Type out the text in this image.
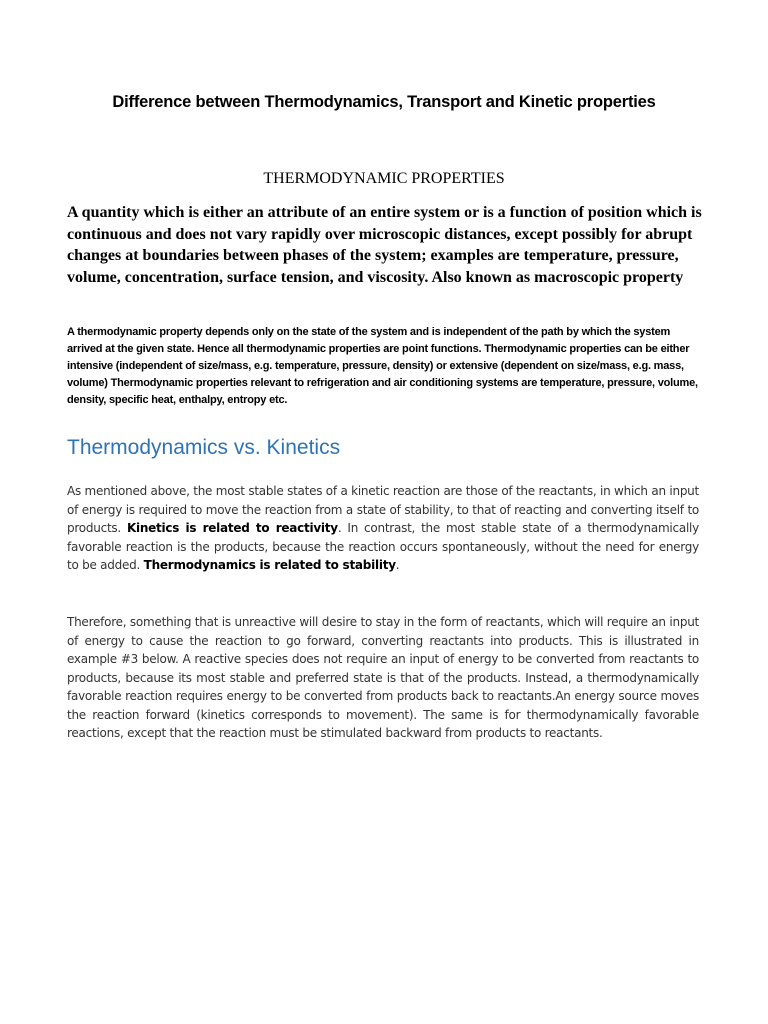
Difference between Thermodynamics, Transport and Kinetic properties
THERMODYNAMIC PROPERTIES
A quantity which is either an attribute of an entire system or is a function of position which is continuous and does not vary rapidly over microscopic distances, except possibly for abrupt changes at boundaries between phases of the system; examples are temperature, pressure, volume, concentration, surface tension, and viscosity. Also known as macroscopic property
A thermodynamic property depends only on the state of the system and is independent of the path by which the system arrived at the given state. Hence all thermodynamic properties are point functions. Thermodynamic properties can be either intensive (independent of size/mass, e.g. temperature, pressure, density) or extensive (dependent on size/mass, e.g. mass, volume) Thermodynamic properties relevant to refrigeration and air conditioning systems are temperature, pressure, volume, density, specific heat, enthalpy, entropy etc.
Thermodynamics vs. Kinetics
As mentioned above, the most stable states of a kinetic reaction are those of the reactants, in which an input of energy is required to move the reaction from a state of stability, to that of reacting and converting itself to products. Kinetics is related to reactivity. In contrast, the most stable state of a thermodynamically favorable reaction is the products, because the reaction occurs spontaneously, without the need for energy to be added. Thermodynamics is related to stability.
Therefore, something that is unreactive will desire to stay in the form of reactants, which will require an input of energy to cause the reaction to go forward, converting reactants into products. This is illustrated in example #3 below. A reactive species does not require an input of energy to be converted from reactants to products, because its most stable and preferred state is that of the products. Instead, a thermodynamically favorable reaction requires energy to be converted from products back to reactants.An energy source moves the reaction forward (kinetics corresponds to movement). The same is for thermodynamically favorable reactions, except that the reaction must be stimulated backward from products to reactants.
